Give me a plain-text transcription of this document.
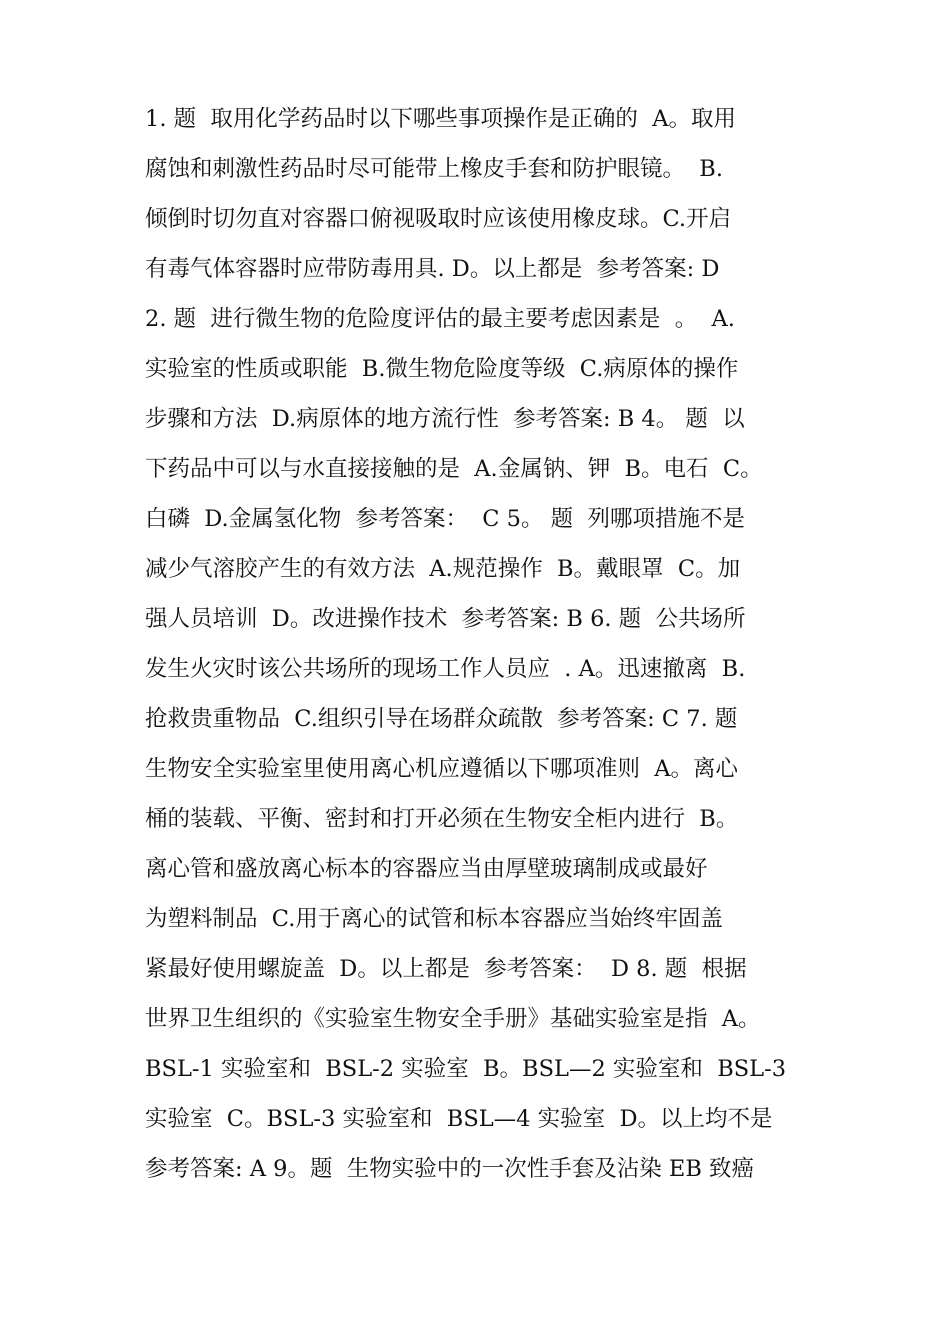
1. 题  取用化学药品时以下哪些事项操作是正确的  A。取用
腐蚀和刺激性药品时尽可能带上橡皮手套和防护眼镜。  B.
倾倒时切勿直对容器口俯视吸取时应该使用橡皮球。C.开启
有毒气体容器时应带防毒用具. D。以上都是  参考答案: D
2. 题  进行微生物的危险度评估的最主要考虑因素是  。  A.
实验室的性质或职能  B.微生物危险度等级  C.病原体的操作
步骤和方法  D.病原体的地方流行性  参考答案: B 4。 题  以
下药品中可以与水直接接触的是  A.金属钠、钾  B。电石  C。
白磷  D.金属氢化物  参考答案：  C 5。 题  列哪项措施不是
减少气溶胶产生的有效方法  A.规范操作  B。戴眼罩  C。加
强人员培训  D。改进操作技术  参考答案: B 6. 题  公共场所
发生火灾时该公共场所的现场工作人员应  . A。迅速撤离  B.
抢救贵重物品  C.组织引导在场群众疏散  参考答案: C 7. 题
生物安全实验室里使用离心机应遵循以下哪项准则  A。离心
桶的装载、平衡、密封和打开必须在生物安全柜内进行  B。
离心管和盛放离心标本的容器应当由厚壁玻璃制成或最好
为塑料制品  C.用于离心的试管和标本容器应当始终牢固盖
紧最好使用螺旋盖  D。以上都是  参考答案：  D 8. 题  根据
世界卫生组织的《实验室生物安全手册》基础实验室是指  A。
BSL-1 实验室和  BSL-2 实验室  B。BSL—2 实验室和  BSL-3
实验室  C。BSL-3 实验室和  BSL—4 实验室  D。以上均不是
参考答案: A 9。题  生物实验中的一次性手套及沾染 EB 致癌
